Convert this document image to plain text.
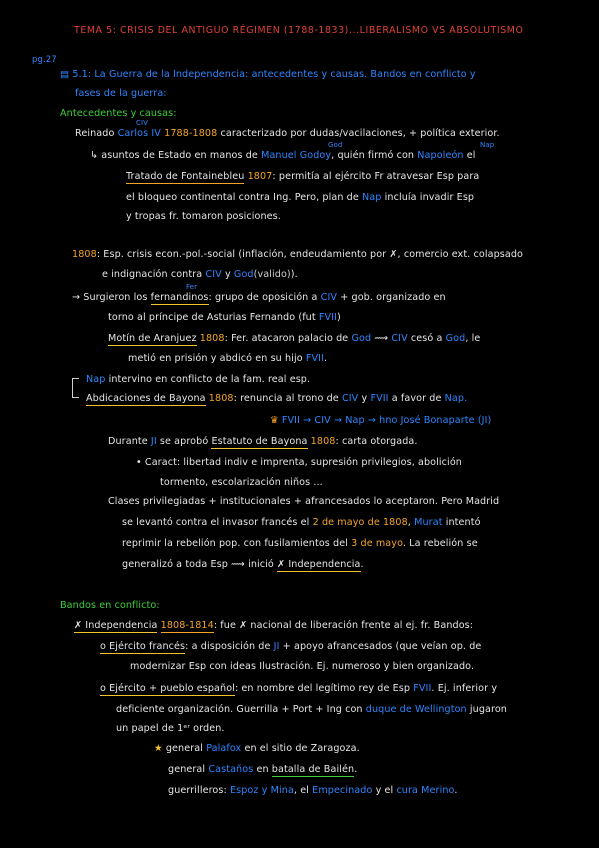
TEMA 5: CRISIS DEL ANTIGUO RÉGIMEN (1788-1833)...LIBERALISMO VS ABSOLUTISMO
pg.27
▤ 5.1: La Guerra de la Independencia: antecedentes y causas. Bandos en conflicto y
fases de la guerra:
Antecedentes y causas:
CIV
Reinado Carlos IV 1788-1808 caracterizado por dudas/vacilaciones, + política exterior.
God	Nap
↳ asuntos de Estado en manos de Manuel Godoy, quién firmó con Napoleón el
Tratado de Fontainebleu 1807: permitía al ejército Fr atravesar Esp para
el bloqueo continental contra Ing. Pero, plan de Nap incluía invadir Esp
y tropas fr. tomaron posiciones.
1808: Esp. crisis econ.-pol.-social (inflación, endeudamiento por ✗, comercio ext. colapsado
e indignación contra CIV y God(valido)).
Fer
→ Surgieron los fernandinos: grupo de oposición a CIV + gob. organizado en
torno al príncipe de Asturias Fernando (fut FVII)
Motín de Aranjuez 1808: Fer. atacaron palacio de God ⟿ CIV cesó a God, le
metió en prisión y abdicó en su hijo FVII.
Nap intervino en conflicto de la fam. real esp.
Abdicaciones de Bayona 1808: renuncia al trono de CIV y FVII a favor de Nap.
♛ FVII → CIV → Nap → hno José Bonaparte (JI)
Durante JI se aprobó Estatuto de Bayona 1808: carta otorgada.
• Caract: libertad indiv e imprenta, supresión privilegios, abolición
tormento, escolarización niños ...
Clases privilegiadas + institucionales + afrancesados lo aceptaron. Pero Madrid
se levantó contra el invasor francés el 2 de mayo de 1808, Murat intentó
reprimir la rebelión pop. con fusilamientos del 3 de mayo. La rebelión se
generalizó a toda Esp ⟿ inició ✗ Independencia.
Bandos en conflicto:
✗ Independencia 1808-1814: fue ✗ nacional de liberación frente al ej. fr. Bandos:
o Ejército francés: a disposición de JI + apoyo afrancesados (que veían op. de
modernizar Esp con ideas Ilustración. Ej. numeroso y bien organizado.
o Ejército + pueblo español: en nombre del legítimo rey de Esp FVII. Ej. inferior y
deficiente organización. Guerrilla + Port + Ing con duque de Wellington jugaron
un papel de 1ᵉʳ orden.
★ general Palafox en el sitio de Zaragoza.
general Castaños en batalla de Bailén.
guerrilleros: Espoz y Mina, el Empecinado y el cura Merino.
